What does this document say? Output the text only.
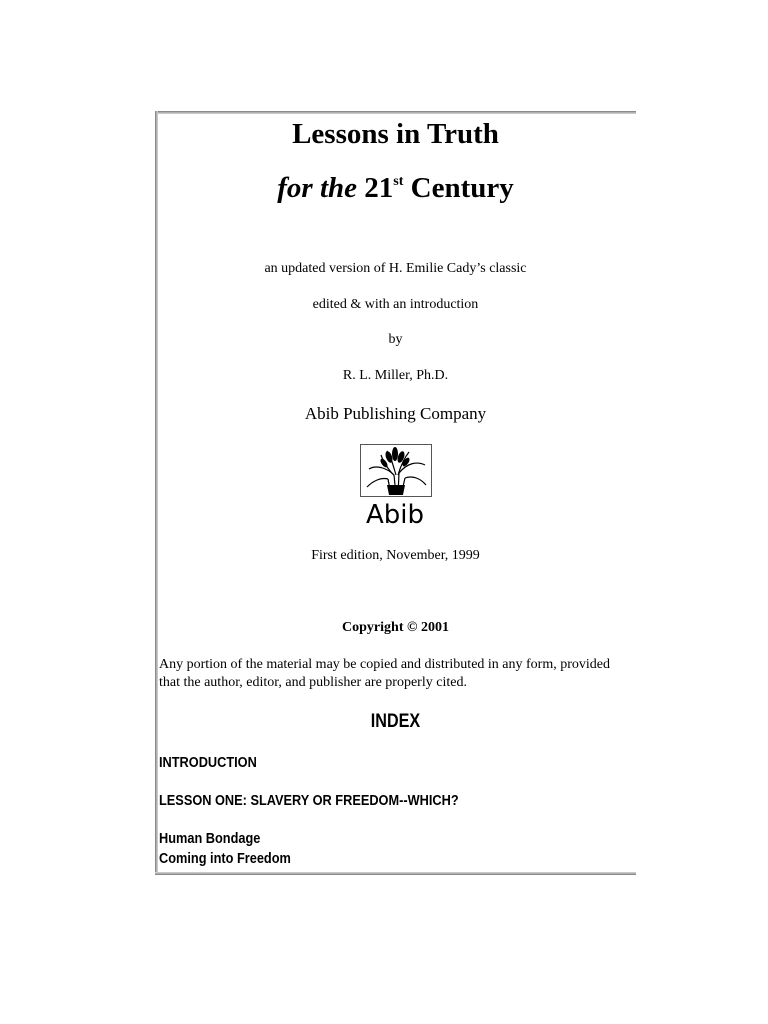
Lessons in Truth
for the 21st Century
an updated version of H. Emilie Cady’s classic
edited & with an introduction
by
R. L. Miller, Ph.D.
Abib Publishing Company
Abib
First edition, November, 1999
Copyright © 2001
Any portion of the material may be copied and distributed in any form, provided that the author, editor, and publisher are properly cited.
INDEX
INTRODUCTION
LESSON ONE: SLAVERY OR FREEDOM--WHICH?
Human Bondage
Coming into Freedom
